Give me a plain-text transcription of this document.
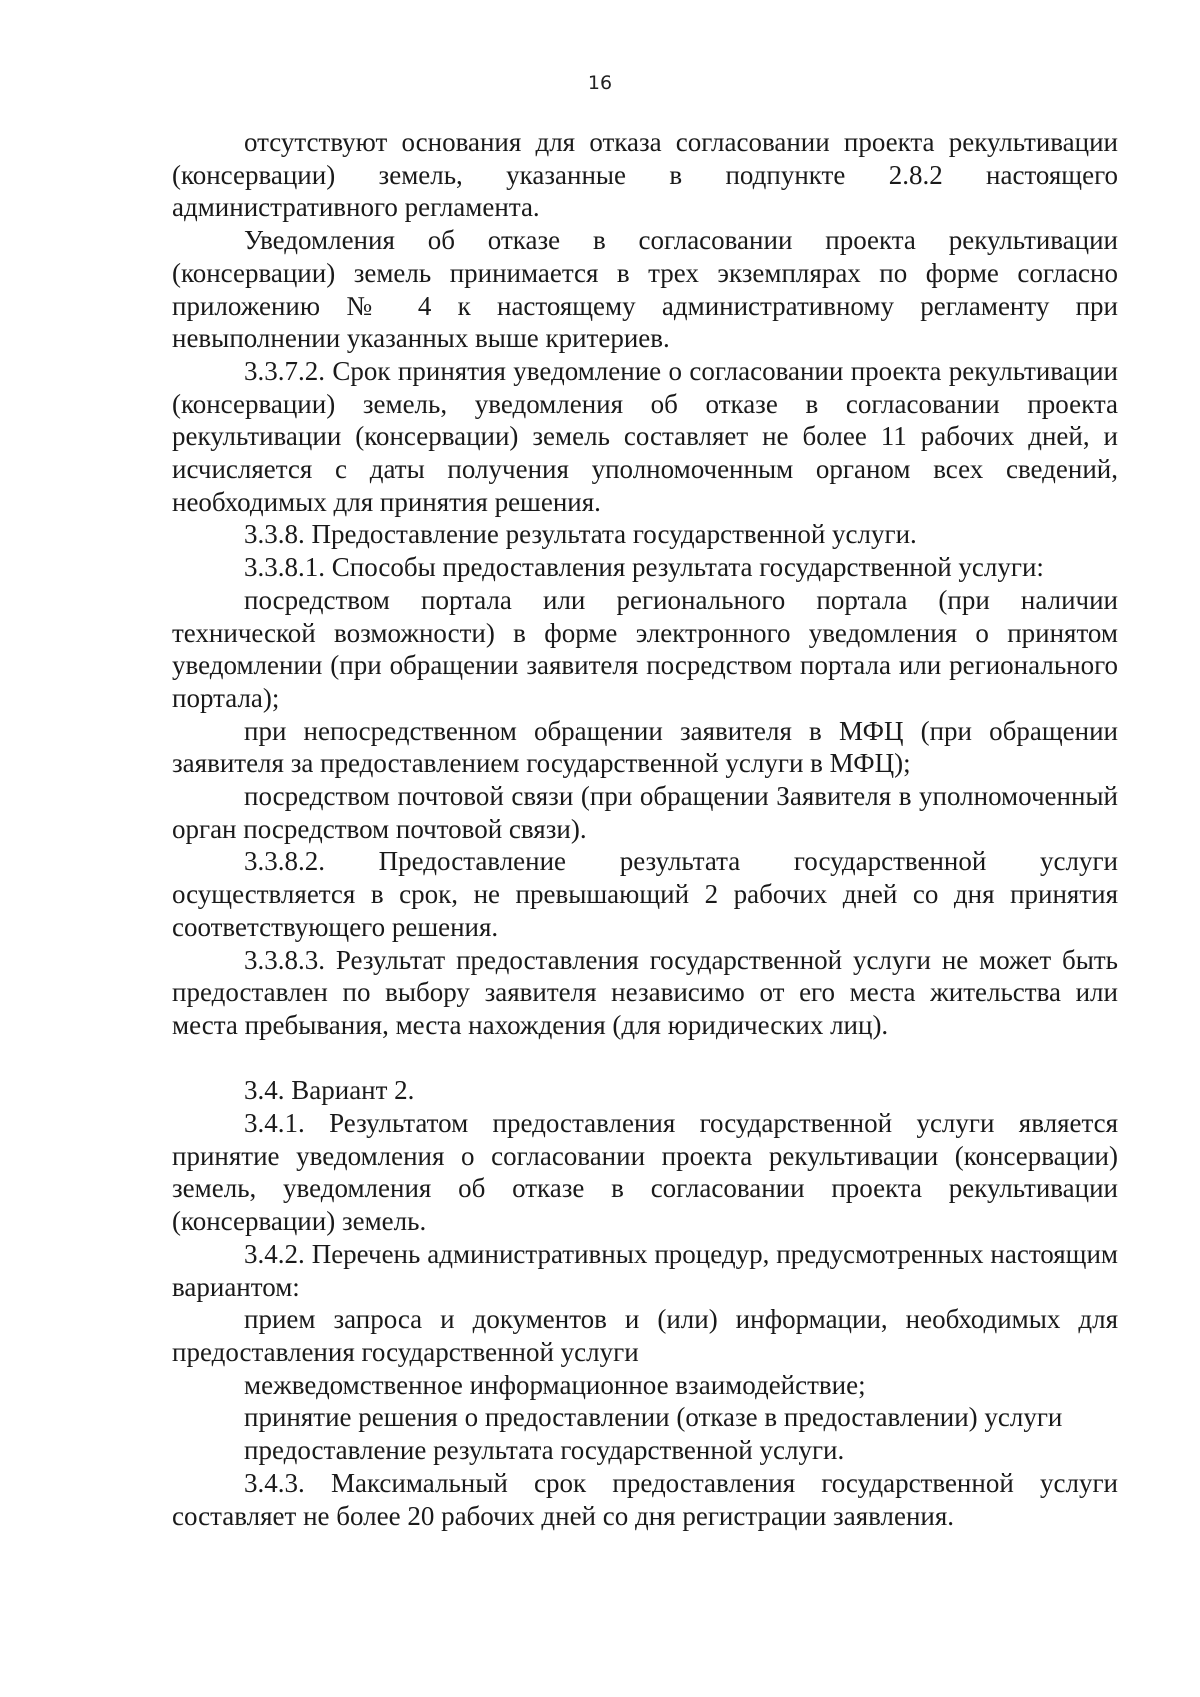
16

отсутствуют основания для отказа согласовании проекта рекультивации (консервации) земель, указанные в подпункте 2.8.2 настоящего административного регламента.

Уведомления об отказе в согласовании проекта рекультивации (консервации) земель принимается в трех экземплярах по форме согласно приложению № 4 к настоящему административному регламенту при невыполнении указанных выше критериев.

3.3.7.2. Срок принятия уведомление о согласовании проекта рекультивации (консервации) земель, уведомления об отказе в согласовании проекта рекультивации (консервации) земель составляет не более 11 рабочих дней, и исчисляется с даты получения уполномоченным органом всех сведений, необходимых для принятия решения.

3.3.8. Предоставление результата государственной услуги.

3.3.8.1. Способы предоставления результата государственной услуги:

посредством портала или регионального портала (при наличии технической возможности) в форме электронного уведомления о принятом уведомлении (при обращении заявителя посредством портала или регионального портала);

при непосредственном обращении заявителя в МФЦ (при обращении заявителя за предоставлением государственной услуги в МФЦ);

посредством почтовой связи (при обращении Заявителя в уполномоченный орган посредством почтовой связи).

3.3.8.2. Предоставление результата государственной услуги осуществляется в срок, не превышающий 2 рабочих дней со дня принятия соответствующего решения.

3.3.8.3. Результат предоставления государственной услуги не может быть предоставлен по выбору заявителя независимо от его места жительства или места пребывания, места нахождения (для юридических лиц).

3.4. Вариант 2.

3.4.1. Результатом предоставления государственной услуги является принятие уведомления о согласовании проекта рекультивации (консервации) земель, уведомления об отказе в согласовании проекта рекультивации (консервации) земель.

3.4.2. Перечень административных процедур, предусмотренных настоящим вариантом:

прием запроса и документов и (или) информации, необходимых для предоставления государственной услуги

межведомственное информационное взаимодействие;

принятие решения о предоставлении (отказе в предоставлении) услуги

предоставление результата государственной услуги.

3.4.3. Максимальный срок предоставления государственной услуги составляет не более 20 рабочих дней со дня регистрации заявления.
